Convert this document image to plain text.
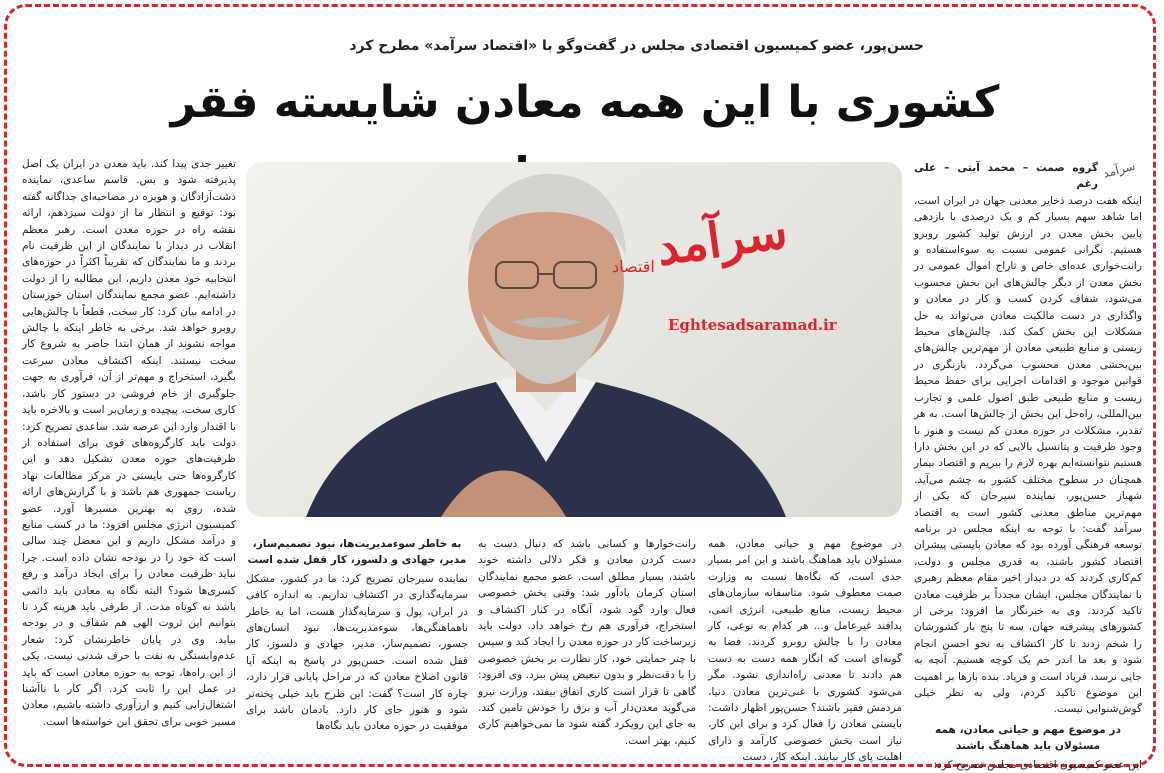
حسن‌پور، عضو کمیسیون اقتصادی مجلس در گفت‌وگو با «اقتصاد سرآمد» مطرح کرد
کشوری با این همه معادن شایسته فقر

گروه صمت – محمد آیتی – علی رغم

اینکه هفت درصد ذخایر معدنی جهان در ایران است، اما شاهد سهم بسیار کم و یک درصدی با بازدهی پایین بخش معدن در ارزش تولید کشور روبرو هستیم. نگرانی عمومی نسبت به سوءاستفاده و رانت‌خواری عده‌ای خاص و تاراج اموال عمومی در بخش معدن از دیگر چالش‌های این بخش محسوب می‌شود. شفاف کردن کسب و کار در معادن و واگذاری در دست مالکیت معادن می‌تواند به حل مشکلات این بخش کمک کند. چالش‌های محیط زیستی و منابع طبیعی معادن از مهم‌ترین چالش‌های بین‌بخشی معدن محسوب می‌گردد. بازنگری در قوانین موجود و اقدامات اجرایی برای حفظ محیط زیست و منابع طبیعی طبق اصول علمی و تجارب بین‌المللی، راه‌حل این بخش از چالش‌ها است. به هر تقدیر، مشکلات در حوزه معدن کم نیست و هنوز با وجود ظرفیت و پتانسیل بالایی که در این بخش دارا هستیم نتوانسته‌ایم بهره لازم را ببریم و اقتصاد بیمار همچنان در سطوح مختلف کشور به چشم می‌آید. شهباز حسن‌پور، نماینده سیرجان که یکی از مهم‌ترین مناطق معدنی کشور است به اقتصاد سرآمد گفت: با توجه به اینکه مجلس در برنامه توسعه فرهنگی آورده بود که معادن بایستی پیشران اقتصاد کشور باشند، به قدری مجلس و دولت، کم‌کاری کردند که در دیدار اخیر مقام معظم رهبری با نمایندگان مجلس، ایشان مجدداً بر ظرفیت معادن تاکید کردند. وی به خبرنگار ما افزود: برخی از کشورهای پیشرفته جهان، سه تا پنج بار کشورشان را شخم زدند تا کار اکتشاف به نحو احسن انجام شود و بعد ما اندر خم یک کوچه هستیم. آنچه به جایی نرسد، فریاد است و فریاد. بنده بارها بر اهمیت این موضوع تاکید کردم، ولی به نظر خیلی گوش‌شنوایی نیست.

در موضوع مهم و حیاتی معادن، همه مسئولان باید هماهنگ باشند

این عضو کمیسیون اقتصادی مجلس تصریح کرد:

سرآمد

تغییر جدی پیدا کند. باید معدن در ایران یک اصل پذیرفته شود و بس. قاسم ساعدی، نماینده دشت‌آزادگان و هویزه در مصاحبه‌ای جداگانه گفته بود: توقیع و انتظار ما از دولت سیزدهم، ارائه نقشه راه در حوزه معدن است. رهبر معظم انقلاب در دیدار با نمایندگان از این ظرفیت نام بردند و ما نمایندگان که تقریباً اکثراً در حوزه‌های انتخابیه خود معدن داریم، این مطالبه را از دولت داشته‌ایم. عضو مجمع نمایندگان استان خوزستان در ادامه بیان کرد: کار سخت، قطعاً با چالش‌هایی روبرو خواهد شد. برخی به خاطر اینکه با چالش مواجه نشوند از همان ابتدا حاضر به شروع کار سخت نیستند. اینکه اکتشاف معادن سرعت بگیرد، استخراج و مهم‌تر از آن، فرآوری به جهت جلوگیری از خام فروشی در دستور کار باشد، کاری سخت، پیچیده و زمان‌بر است و بالاخره باید با اقتدار وارد این عرصه شد. ساعدی تصریح کرد: دولت باید کارگروه‌های قوی برای استفاده از ظرفیت‌های حوزه معدن تشکیل دهد و این کارگروه‌ها حتی بایستی در مرکز مطالعات نهاد ریاست جمهوری هم باشد و با گزارش‌های ارائه شده، روی به بهترین مسیرها آورد. عضو کمیسیون انرژی مجلس افزود: ما در کسب منابع و درآمد مشکل داریم و این معضل چند سالی است که خود را در بودجه نشان داده است. چرا نباید ظرفیت معادن را برای ایجاد درآمد و رفع کسری‌ها شود؟ البته نگاه به معادن باید دائمی باشد نه کوتاه مدت. از طرفی باید هزینه کرد تا بتوانیم این ثروت الهی هم شفاف و در بودجه بیاید. وی در پایان خاطرنشان کرد: شعار عدم‌وابستگی به نفت با حرف شدنی نیست. یکی از این راه‌ها، توجه به حوزه معادن است که باید در عمل این را ثابت کرد. اگر کار با ناآشنا اشتغال‌زایی کنیم و ارزآوری داشته باشیم، معادن مسیر خوبی برای تحقق این خواسته‌ها است.

سرآمد
اقتصاد
Eghtesadsaramad.ir

در موضوع مهم و حیاتی معادن، همه مسئولان باید هماهنگ باشند و این امر بسیار جدی است، که نگاه‌ها نسبت به وزارت صمت معطوف شود. متاسفانه سازمان‌های محیط زیست، منابع طبیعی، انرژی اتمی، پدافند غیرعامل و... هر کدام به نوعی، کار معادن را با چالش روبرو کردند. فضا به گونه‌ای است که انگار همه دست به دست هم دادند تا معدنی راه‌اندازی نشود. مگر می‌شود کشوری با غنی‌ترین معادن دنیا، مردمش فقیر باشند؟ حسن‌پور اظهار داشت: بایستی معادن را فعال کرد و برای این کار، نیاز است بخش خصوصی کارآمد و دارای اهلیت پای کار بیایند. اینکه کار، دست

رانت‌خوارها و کسانی باشد که دنبال دست به دست کردن معادن و فکر دلالی داشته خوند باشند، بسیار مطلق است. عضو مجمع نمایندگان استان کرمان یادآور شد: وقتی بخش خصوصی فعال وارد گود شود، آنگاه در کنار اکتشاف و استخراج، فرآوری هم رخ خواهد داد. دولت باید زیرساخت کار در حوزه معدن را ایجاد کند و سپس با چتر حمایتی خود، کار نظارت بر بخش خصوصی را با دقت‌نظر و بدون تبعیض پیش ببرد. وی افزود: گاهی تا قرار است کاری اتفاق بیفتد، وزارت نیرو می‌گوید معدن‌دار آب و برق را خودش تامین کند. به جای این رویکرد گفته شود ما نمی‌خواهیم کاری کنیم، بهتر است.

به خاطر سوءمدیریت‌ها، نبود تصمیم‌ساز، مدیر، جهادی و دلسوز، کار قفل شده است

نماینده سیرجان تصریح کرد: ما در کشور، مشکل سرمایه‌گذاری در اکتشاف نداریم. به اندازه کافی در ایران، پول و سرمایه‌گذار هست، اما به خاطر ناهماهنگی‌ها، سوءمدیریت‌ها، نبود انسان‌های جسور، تصمیم‌ساز، مدیر، جهادی و دلسوز، کار قفل شده است. حسن‌پور در پاسخ به اینکه آیا قانون اصلاح معادن که در مراحل پایانی قرار دارد، چاره کار است؟ گفت: این طرح باید خیلی پخته‌تر شود و هنوز جای کار دارد. یادمان باشد برای موفقیت در حوزه معادن باید نگاه‌ها
